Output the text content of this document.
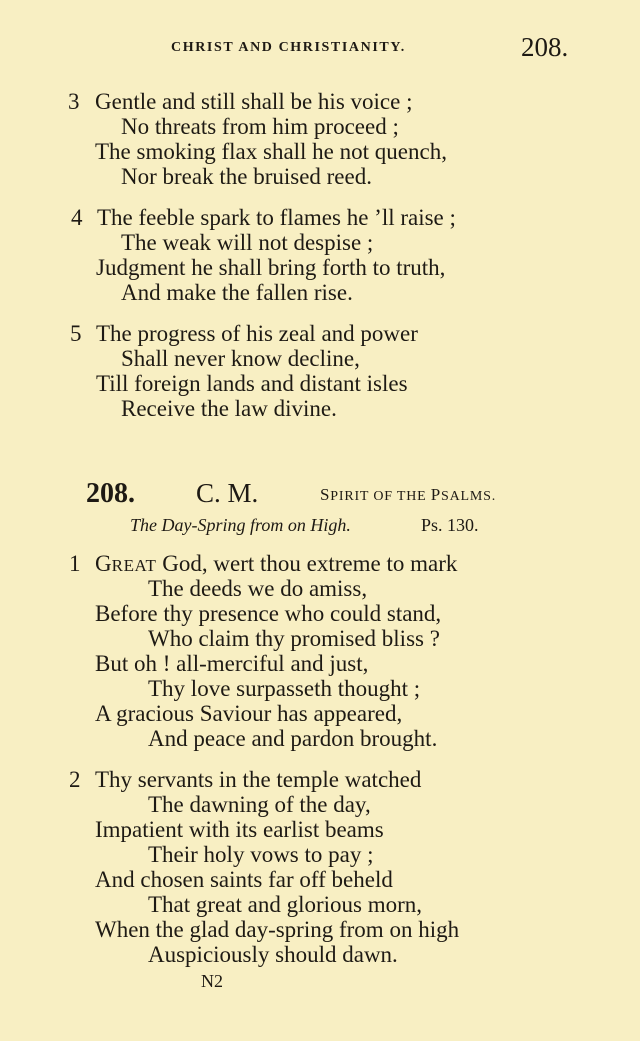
CHRIST AND CHRISTIANITY.	208.
3 Gentle and still shall be his voice ;
No threats from him proceed ;
The smoking flax shall he not quench,
Nor break the bruised reed.
4 The feeble spark to flames he ’ll raise ;
The weak will not despise ;
Judgment he shall bring forth to truth,
And make the fallen rise.
5 The progress of his zeal and power
Shall never know decline,
Till foreign lands and distant isles
Receive the law divine.
208. C. M.	SPIRIT OF THE PSALMS.
The Day-Spring from on High.	Ps. 130.
1 GREAT God, wert thou extreme to mark
The deeds we do amiss,
Before thy presence who could stand,
Who claim thy promised bliss ?
But oh ! all-merciful and just,
Thy love surpasseth thought ;
A gracious Saviour has appeared,
And peace and pardon brought.
2 Thy servants in the temple watched
The dawning of the day,
Impatient with its earlist beams
Their holy vows to pay ;
And chosen saints far off beheld
That great and glorious morn,
When the glad day-spring from on high
Auspiciously should dawn.
N2
